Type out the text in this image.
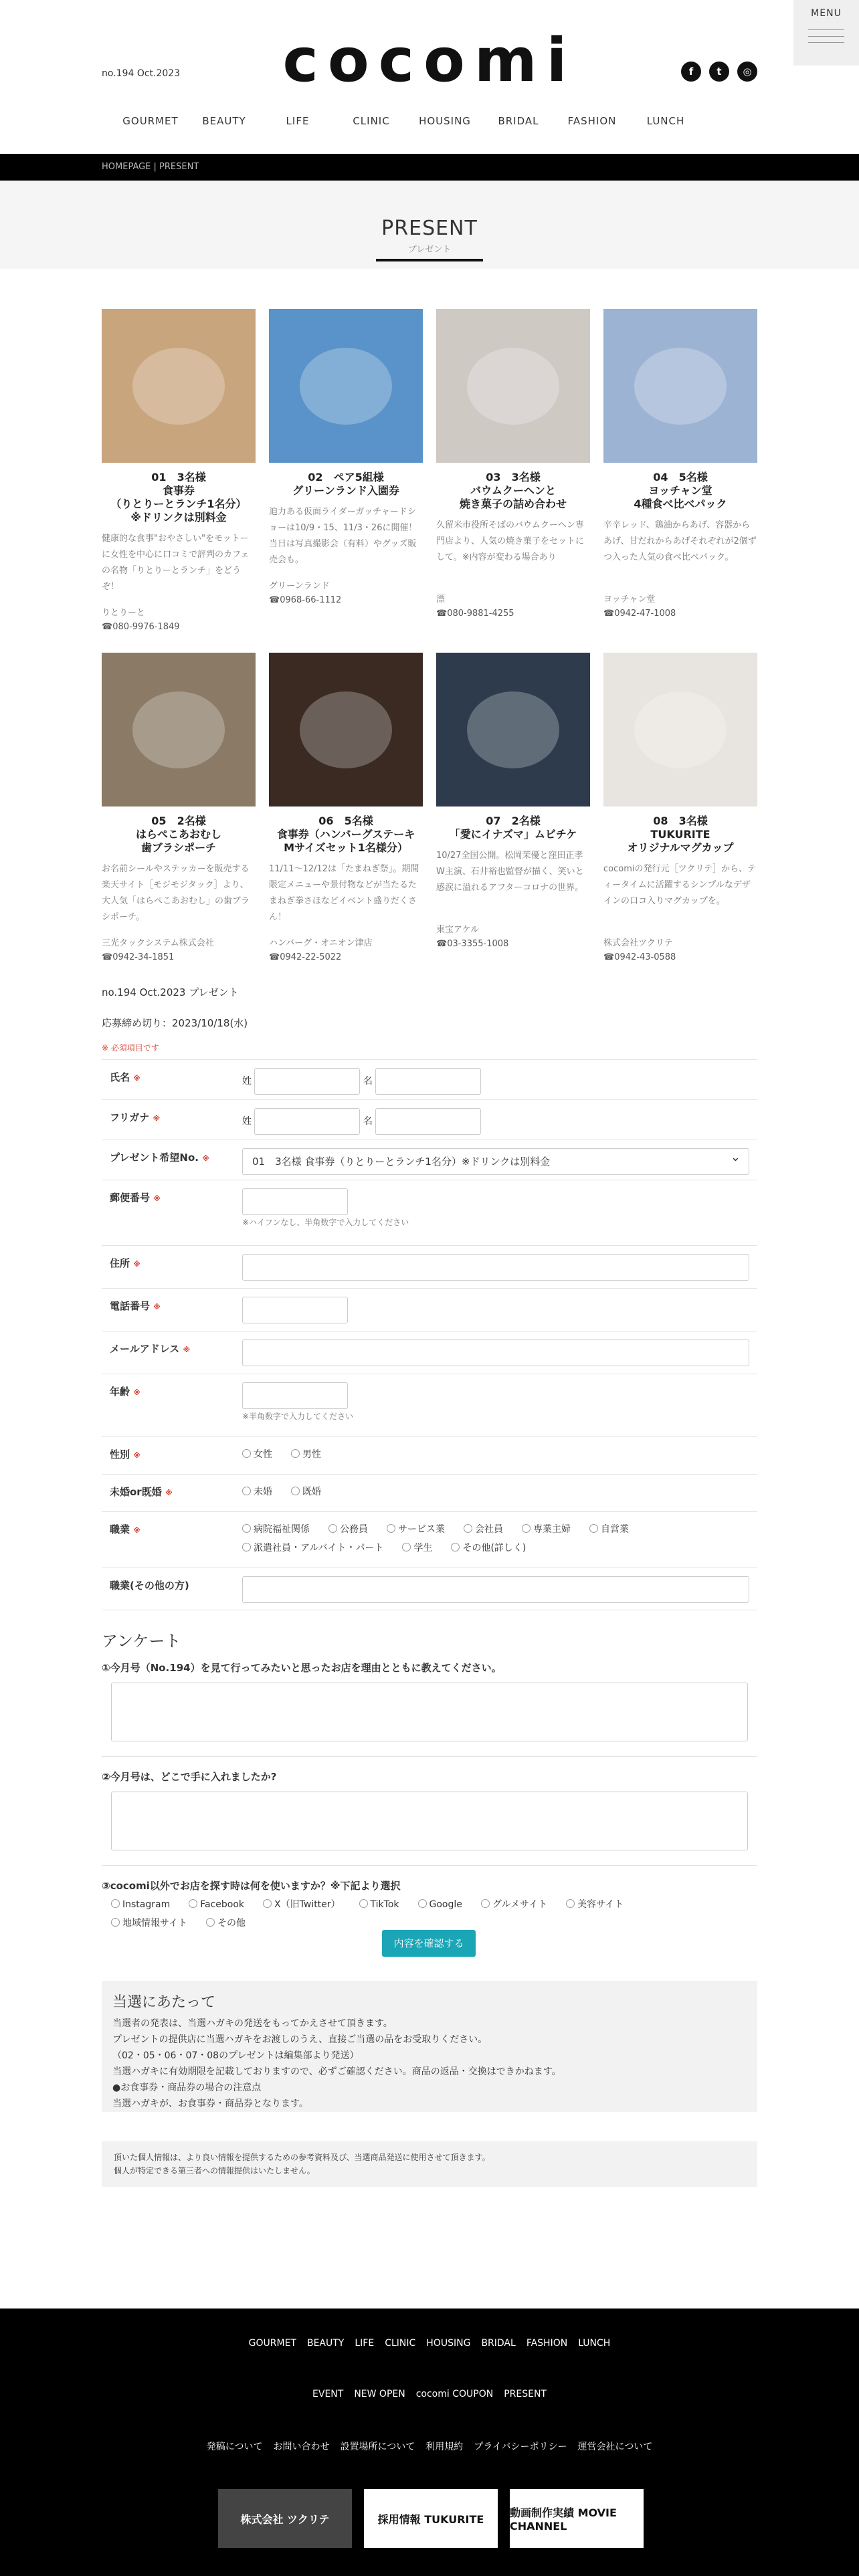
MENU
no.194 Oct.2023	cocomi	f	t	◎
GOURMET	BEAUTY	LIFE	CLINIC	HOUSING	BRIDAL	FASHION	LUNCH
HOMEPAGE | PRESENT
PRESENT
プレゼント
01　3名様
食事券
（りとりーとランチ1名分）
※ドリンクは別料金
健康的な食事"おやさしい"をモットーに女性を中心に口コミで評判のカフェの名物「りとりーとランチ」をどうぞ！
りとりーと
☎080-9976-1849
02　ペア5組様
グリーンランド入園券
迫力ある仮面ライダーガッチャードショーは10/9・15、11/3・26に開催！当日は写真撮影会（有料）やグッズ販売会も。
グリーンランド
☎0968-66-1112
03　3名様
バウムクーヘンと
焼き菓子の詰め合わせ
久留米市役所そばのバウムクーヘン専門店より、人気の焼き菓子をセットにして。※内容が変わる場合あり
漂
☎080-9881-4255
04　5名様
ヨッチャン堂
4種食べ比べパック
辛辛レッド、鶏油からあげ、容器からあげ、甘だれからあげそれぞれが2個ずつ入った人気の食べ比べパック。
ヨッチャン堂
☎0942-47-1008
05　2名様
はらぺこあおむし
歯ブラシポーチ
お名前シールやステッカーを販売する楽天サイト［モジモジタック］より、大人気「はらぺこあおむし」の歯ブラシポーチ。
三光タックシステム株式会社
☎0942-34-1851
06　5名様
食事券（ハンバーグステーキ
Mサイズセット1名様分）
11/11〜12/12は「たまねぎ祭」。期間限定メニューや景付物などが当たるたまねぎ拳さほなどイベント盛りだくさん！
ハンバーグ・オニオン津店
☎0942-22-5022
07　2名様
「愛にイナズマ」ムビチケ
10/27全国公開。松岡茉優と窪田正孝W主演、石井裕也監督が描く、笑いと感涙に溢れるアフターコロナの世界。
東宝アケル
☎03-3355-1008
08　3名様
TUKURITE
オリジナルマグカップ
cocomiの発行元［ツクリテ］から、ティータイムに活躍するシンプルなデザインの口コ入りマグカップを。
株式会社ツクリテ
☎0942-43-0588
no.194 Oct.2023 プレゼント
応募締め切り：2023/10/18(水)
※ 必須項目です
氏名 ※	姓	名
フリガナ ※	姓	名
プレゼント希望No. ※	01　3名様 食事券（りとりーとランチ1名分）※ドリンクは別料金 ⌄
郵便番号 ※
※ハイフンなし、半角数字で入力してください
住所 ※
電話番号 ※
メールアドレス ※
年齢 ※
※半角数字で入力してください
性別 ※	女性	男性
未婚or既婚 ※	未婚	既婚
職業 ※	病院福祉関係	公務員	サービス業	会社員	専業主婦	自営業派遣社員・アルバイト・パート	学生	その他(詳しく)
職業(その他の方)
アンケート
①今月号（No.194）を見て行ってみたいと思ったお店を理由とともに教えてください。
②今月号は、どこで手に入れましたか?
③cocomi以外でお店を探す時は何を使いますか？※下記より選択
Instagram	Facebook	X（旧Twitter）	TikTok	Google	グルメサイト	美容サイト地域情報サイト	その他
内容を確認する
当選にあたって

当選者の発表は、当選ハガキの発送をもってかえさせて頂きます。

プレゼントの提供店に当選ハガキをお渡しのうえ、直接ご当選の品をお受取りください。

（02・05・06・07・08のプレゼントは編集部より発送）

当選ハガキに有効期限を記載しておりますので、必ずご確認ください。商品の返品・交換はできかねます。

●お食事券・商品券の場合の注意点

当選ハガキが、お食事券・商品券となります。

頂いた個人情報は、より良い情報を提供するための参考資料及び、当選商品発送に使用させて頂きます。
個人が特定できる第三者への情報提供はいたしません。
GOURMET BEAUTY LIFE CLINIC HOUSING BRIDAL FASHION LUNCH
EVENT NEW OPEN cocomi COUPON PRESENT
発稿について お問い合わせ 設置場所について 利用規約 プライバシーポリシー 運営会社について
株式会社 ツクリテ	採用情報 TUKURITE	動画制作実績 MOVIE CHANNEL
